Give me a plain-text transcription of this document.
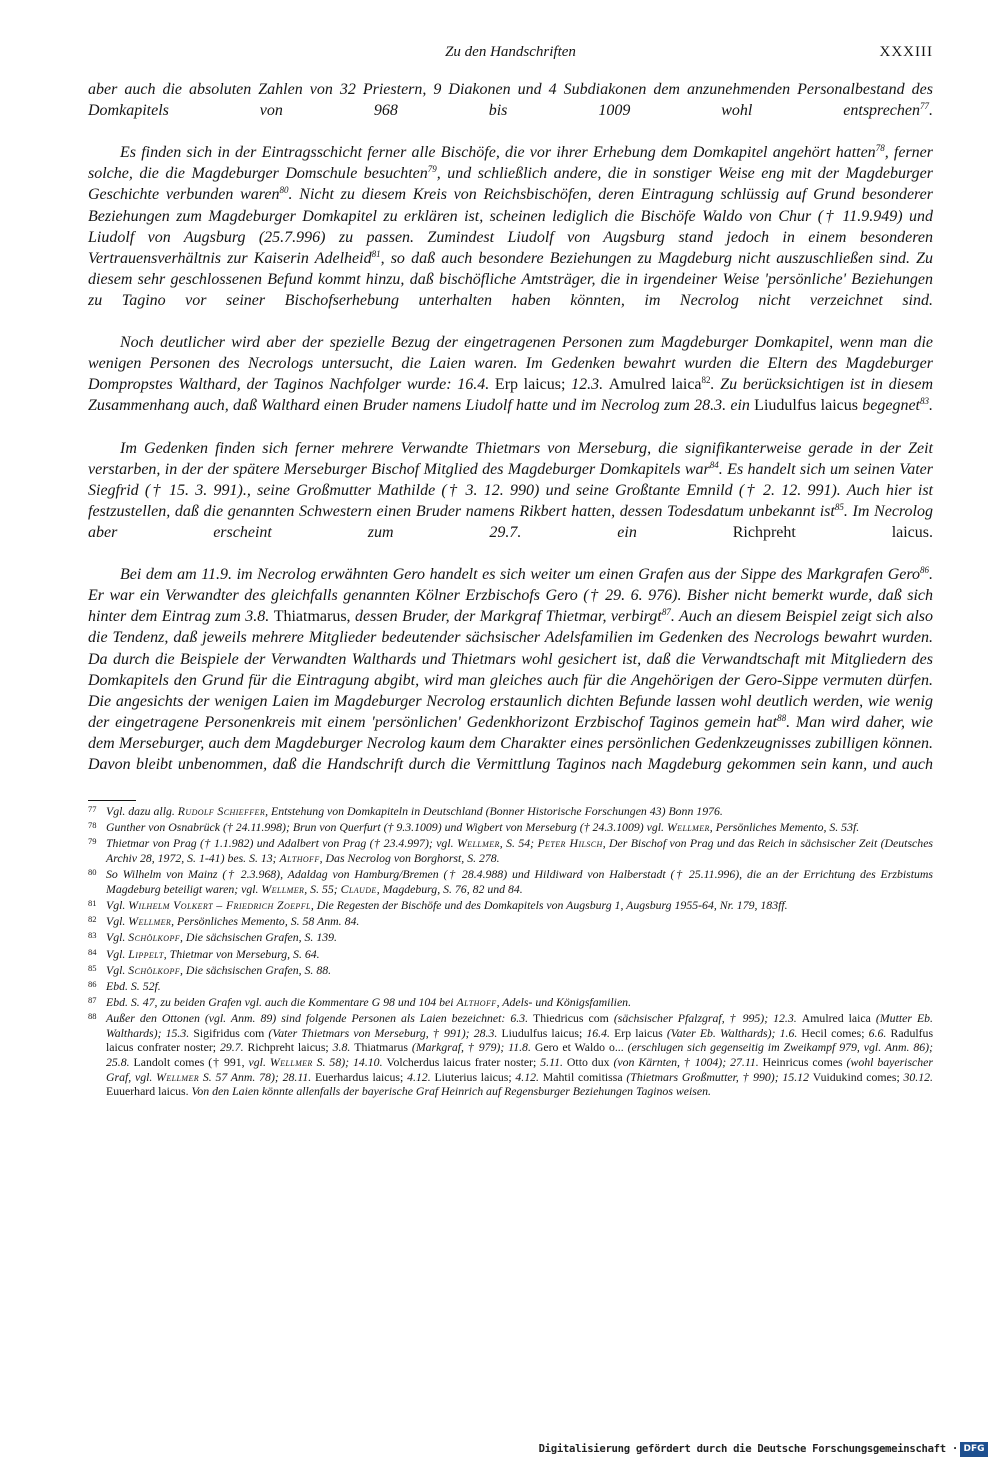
Zu den Handschriften	XXXIII

aber auch die absoluten Zahlen von 32 Priestern, 9 Diakonen und 4 Subdiakonen dem anzunehmenden Personalbestand des Domkapitels von 968 bis 1009 wohl entsprechen$^{77}$.

Es finden sich in der Eintragsschicht ferner alle Bischöfe, die vor ihrer Erhebung dem Domkapitel angehört hatten$^{78}$, ferner solche, die die Magdeburger Domschule besuchten$^{79}$, und schließlich andere, die in sonstiger Weise eng mit der Magdeburger Geschichte verbunden waren$^{80}$. Nicht zu diesem Kreis von Reichsbischöfen, deren Eintragung schlüssig auf Grund besonderer Beziehungen zum Magdeburger Domkapitel zu erklären ist, scheinen lediglich die Bischöfe Waldo von Chur († 11.9.949) und Liudolf von Augsburg (25.7.996) zu passen. Zumindest Liudolf von Augsburg stand jedoch in einem besonderen Vertrauensverhältnis zur Kaiserin Adelheid$^{81}$, so daß auch besondere Beziehungen zu Magdeburg nicht auszuschließen sind. Zu diesem sehr geschlossenen Befund kommt hinzu, daß bischöfliche Amtsträger, die in irgendeiner Weise 'persönliche' Beziehungen zu Tagino vor seiner Bischofserhebung unterhalten haben könnten, im Necrolog nicht verzeichnet sind.

Noch deutlicher wird aber der spezielle Bezug der eingetragenen Personen zum Magdeburger Domkapitel, wenn man die wenigen Personen des Necrologs untersucht, die Laien waren. Im Gedenken bewahrt wurden die Eltern des Magdeburger Dompropstes Walthard, der Taginos Nachfolger wurde: 16.4. Erp laicus; 12.3. Amulred laica$^{82}$. Zu berücksichtigen ist in diesem Zusammenhang auch, daß Walthard einen Bruder namens Liudolf hatte und im Necrolog zum 28.3. ein Liudulfus laicus begegnet$^{83}$.

Im Gedenken finden sich ferner mehrere Verwandte Thietmars von Merseburg, die signifikanterweise gerade in der Zeit verstarben, in der der spätere Merseburger Bischof Mitglied des Magdeburger Domkapitels war$^{84}$. Es handelt sich um seinen Vater Siegfrid († 15. 3. 991)., seine Großmutter Mathilde († 3. 12. 990) und seine Großtante Emnild († 2. 12. 991). Auch hier ist festzustellen, daß die genannten Schwestern einen Bruder namens Rikbert hatten, dessen Todesdatum unbekannt ist$^{85}$. Im Necrolog aber erscheint zum 29.7. ein	Richpreht laicus.

Bei dem am 11.9. im Necrolog erwähnten Gero handelt es sich weiter um einen Grafen aus der Sippe des Markgrafen Gero$^{86}$. Er war ein Verwandter des gleichfalls genannten Kölner Erzbischofs Gero († 29. 6. 976). Bisher nicht bemerkt wurde, daß sich hinter dem Eintrag zum 3.8. Thiatmarus, dessen Bruder, der Markgraf Thietmar, verbirgt$^{87}$. Auch an diesem Beispiel zeigt sich also die Tendenz, daß jeweils mehrere Mitglieder bedeutender sächsischer Adelsfamilien im Gedenken des Necrologs bewahrt wurden. Da durch die Beispiele der Verwandten Walthards und Thietmars wohl gesichert ist, daß die Verwandtschaft mit Mitgliedern des Domkapitels den Grund für die Eintragung abgibt, wird man gleiches auch für die Angehörigen der Gero-Sippe vermuten dürfen. Die angesichts der wenigen Laien im Magdeburger Necrolog erstaunlich dichten Befunde lassen wohl deutlich werden, wie wenig der eingetragene Personenkreis mit einem 'persönlichen' Gedenkhorizont Erzbischof Taginos gemein hat$^{88}$. Man wird daher, wie dem Merseburger, auch dem Magdeburger Necrolog kaum dem Charakter eines persönlichen Gedenkzeugnisses zubilligen können. Davon bleibt unbenommen, daß die Handschrift durch die Vermittlung Taginos nach Magdeburg gekommen sein kann, und auch

77 Vgl. dazu allg. Rudolf Schieffer, Entstehung von Domkapiteln in Deutschland (Bonner Historische Forschungen 43) Bonn 1976.
78 Gunther von Osnabrück († 24.11.998); Brun von Querfurt († 9.3.1009) und Wigbert von Merseburg († 24.3.1009) vgl. Wellmer, Persönliches Memento, S. 53f.
79 Thietmar von Prag († 1.1.982) und Adalbert von Prag († 23.4.997); vgl. Wellmer, S. 54; Peter Hilsch, Der Bischof von Prag und das Reich in sächsischer Zeit (Deutsches Archiv 28, 1972, S. 1-41) bes. S. 13; Althoff, Das Necrolog von Borghorst, S. 278.
80 So Wilhelm von Mainz († 2.3.968), Adaldag von Hamburg/Bremen († 28.4.988) und Hildiward von Halberstadt († 25.11.996), die an der Errichtung des Erzbistums Magdeburg beteiligt waren; vgl. Wellmer, S. 55; Claude, Magdeburg, S. 76, 82 und 84.
81 Vgl. Wilhelm Volkert – Friedrich Zoepfl, Die Regesten der Bischöfe und des Domkapitels von Augsburg 1, Augsburg 1955-64, Nr. 179, 183ff.
82 Vgl. Wellmer, Persönliches Memento, S. 58 Anm. 84.
83 Vgl. Schölkopf, Die sächsischen Grafen, S. 139.
84 Vgl. Lippelt, Thietmar von Merseburg, S. 64.
85 Vgl. Schölkopf, Die sächsischen Grafen, S. 88.
86 Ebd. S. 52f.
87 Ebd. S. 47, zu beiden Grafen vgl. auch die Kommentare G 98 und 104 bei Althoff, Adels- und Königsfamilien.
88 Außer den Ottonen (vgl. Anm. 89) sind folgende Personen als Laien bezeichnet: 6.3. Thiedricus com (sächsischer Pfalzgraf, † 995); 12.3. Amulred laica (Mutter Eb. Walthards); 15.3. Sigifridus com (Vater Thietmars von Merseburg, † 991); 28.3. Liudulfus laicus; 16.4. Erp laicus (Vater Eb. Walthards); 1.6. Hecil comes; 6.6. Radulfus laicus confrater noster; 29.7. Richpreht laicus; 3.8. Thiatmarus (Markgraf, † 979); 11.8. Gero et Waldo o... (erschlugen sich gegenseitig im Zweikampf 979, vgl. Anm. 86); 25.8. Landolt comes († 991, vgl. Wellmer S. 58); 14.10. Volcherdus laicus frater noster; 5.11. Otto dux (von Kärnten, † 1004); 27.11. Heinricus comes (wohl bayerischer Graf, vgl. Wellmer S. 57 Anm. 78); 28.11. Euerhardus laicus; 4.12. Liuterius laicus; 4.12. Mahtil comitissa (Thietmars Großmutter, † 990); 15.12 Vuidukind comes; 30.12. Euuerhard laicus. Von den Laien könnte allenfalls der bayerische Graf Heinrich auf Regensburger Beziehungen Taginos weisen.
Digitalisierung gefördert durch die Deutsche Forschungsgemeinschaft · DFG
